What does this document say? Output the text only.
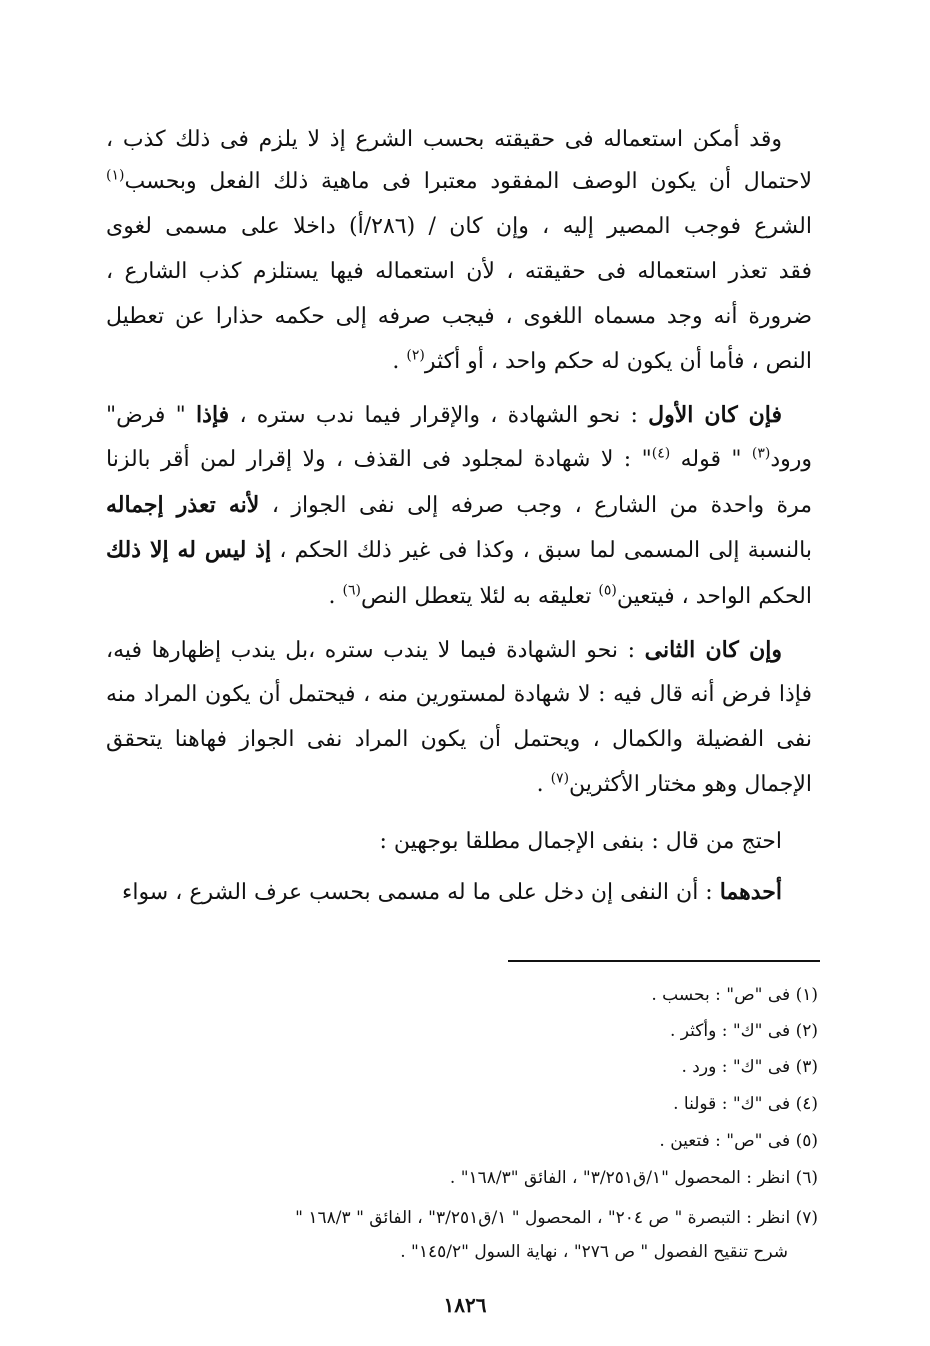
وقد أمكن استعماله فى حقيقته بحسب الشرع إذ لا يلزم فى ذلك كذب ،
لاحتمال أن يكون الوصف المفقود معتبرا فى ماهية ذلك الفعل وبحسب$^{(١)}$
الشرع فوجب المصير إليه ، وإن كان / (٢٨٦/أ) داخلا على مسمى لغوى
فقد تعذر استعماله فى حقيقته ، لأن استعماله فيها يستلزم كذب الشارع ،
ضرورة أنه وجد مسماه اللغوى ، فيجب صرفه إلى حكمه حذارا عن تعطيل
النص ، فأما أن يكون له حكم واحد ، أو أكثر$^{(٢)}$ .
فإن كان الأول : نحو الشهادة ، والإقرار فيما ندب ستره ، فإذا " فرض"
ورود$^{(٣)}$ " قوله $^{(٤)}$" : لا شهادة لمجلود فى القذف ، ولا إقرار لمن أقر بالزنا
مرة واحدة من الشارع ، وجب صرفه إلى نفى الجواز ، لأنه تعذر إجماله
بالنسبة إلى المسمى لما سبق ، وكذا فى غير ذلك الحكم ، إذ ليس له إلا ذلك
الحكم الواحد ، فيتعين$^{(٥)}$ تعليقه به لئلا يتعطل النص$^{(٦)}$ .
وإن كان الثانى : نحو الشهادة فيما لا يندب ستره ،بل يندب إظهارها فيه،
فإذا فرض أنه قال فيه : لا شهادة لمستورين منه ، فيحتمل أن يكون المراد منه
نفى الفضيلة والكمال ، ويحتمل أن يكون المراد نفى الجواز فهاهنا يتحقق
الإجمال وهو مختار الأكثرين$^{(٧)}$ .
احتج من قال : بنفى الإجمال مطلقا بوجهين :
أحدهما : أن النفى إن دخل على ما له مسمى بحسب عرف الشرع ، سواء
(١) فى "ص" : بحسب .
(٢) فى "ك" : وأكثر .
(٣) فى "ك" : ورد .
(٤) فى "ك" : قولنا .
(٥) فى "ص" : فتعين .
(٦) انظر : المحصول "١/ق٣/٢٥١" ، الفائق "١٦٨/٣" .
(٧) انظر : التبصرة " ص ٢٠٤" ، المحصول " ١/ق٣/٢٥١" ، الفائق " ١٦٨/٣ "
شرح تنقيح الفصول " ص ٢٧٦" ، نهاية السول "١٤٥/٢" .
١٨٢٦
